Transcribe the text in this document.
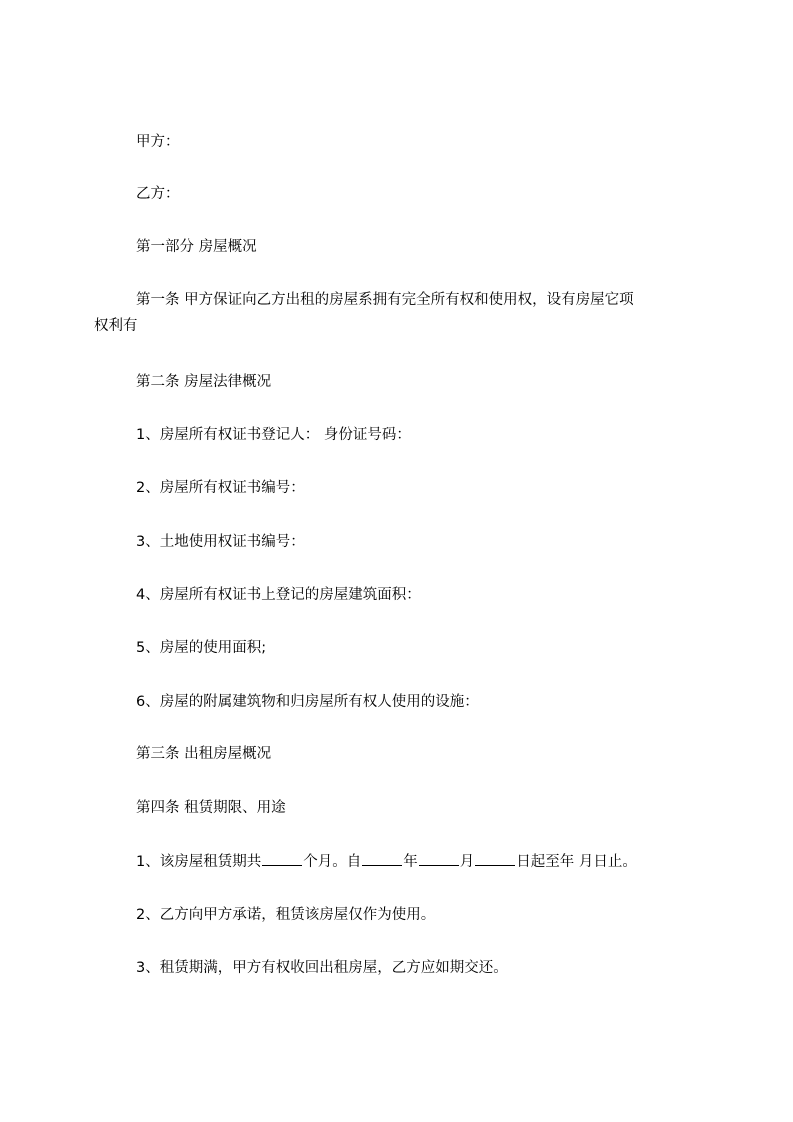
甲方：
乙方：
第一部分 房屋概况
第一条 甲方保证向乙方出租的房屋系拥有完全所有权和使用权，设有房屋它项
权利有
第二条 房屋法律概况
1、房屋所有权证书登记人： 身份证号码：
2、房屋所有权证书编号：
3、土地使用权证书编号：
4、房屋所有权证书上登记的房屋建筑面积：
5、房屋的使用面积;
6、房屋的附属建筑物和归房屋所有权人使用的设施：
第三条 出租房屋概况
第四条 租赁期限、用途
1、该房屋租赁期共	个月。自	年	月	日起至年 月日止。
2、乙方向甲方承诺，租赁该房屋仅作为使用。
3、租赁期满，甲方有权收回出租房屋，乙方应如期交还。
